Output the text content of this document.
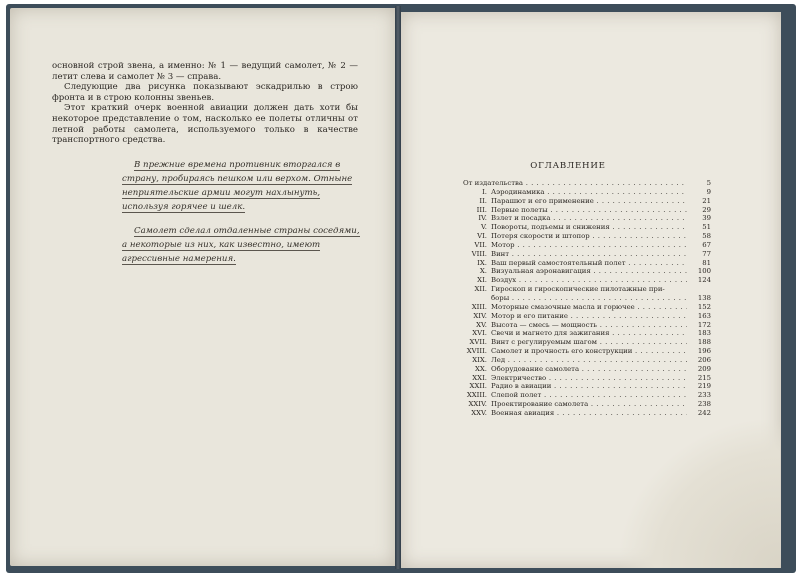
основной строй звена, а именно: № 1 — ведущий самолет, № 2 — летит слева и самолет № 3 — справа.

Следующие два рисунка показывают эскадрилью в строю фронта и в строю колонны звеньев.

Этот краткий очерк военной авиации должен дать хоти бы некоторое представление о том, насколько ее полеты отличны от летной работы самолета, используемого только в качестве транспортного средства.

В прежние времена противник вторгался в страну, пробираясь пешком или верхом. Отныне неприятельские армии могут нахлынуть, используя горячее и шелк.

Самолет сделал отдаленные страны соседями, а некоторые из них, как известно, имеют агрессивные намерения.

ОГЛАВЛЕНИЕ
От издательства . . .	5
I. Аэродинамика . . .	9
II. Парашют и его применение . . .	21
III. Первые полеты . . .	29
IV. Взлет и посадка . . .	39
V. Повороты, подъемы и снижения . . .	51
VI. Потеря скорости и штопор . . .	58
VII. Мотор . . .	67
VIII. Винт . . .	77
IX. Ваш первый самостоятельный полет . . .	81
X. Визуальная аэронавигация . . .	100
XI. Воздух . . .	124
XII. Гироскоп и гироскопические пилотажные при-
боры . . .	138
XIII. Моторные смазочные масла и горючее . . .	152
XIV. Мотор и его питание . . .	163
XV. Высота — смесь — мощность . . .	172
XVI. Свечи и магнето для зажигания . . .	183
XVII. Винт с регулируемым шагом . . .	188
XVIII. Самолет и прочность его конструкции . . .	196
XIX. Лед . . .	206
XX. Оборудование самолета . . .	209
XXI. Электричество . . .	215
XXII. Радио в авиации . . .	219
XXIII. Слепой полет . . .	233
XXIV. Проектирование самолета . . .	238
XXV. Военная авиация . . .	242
